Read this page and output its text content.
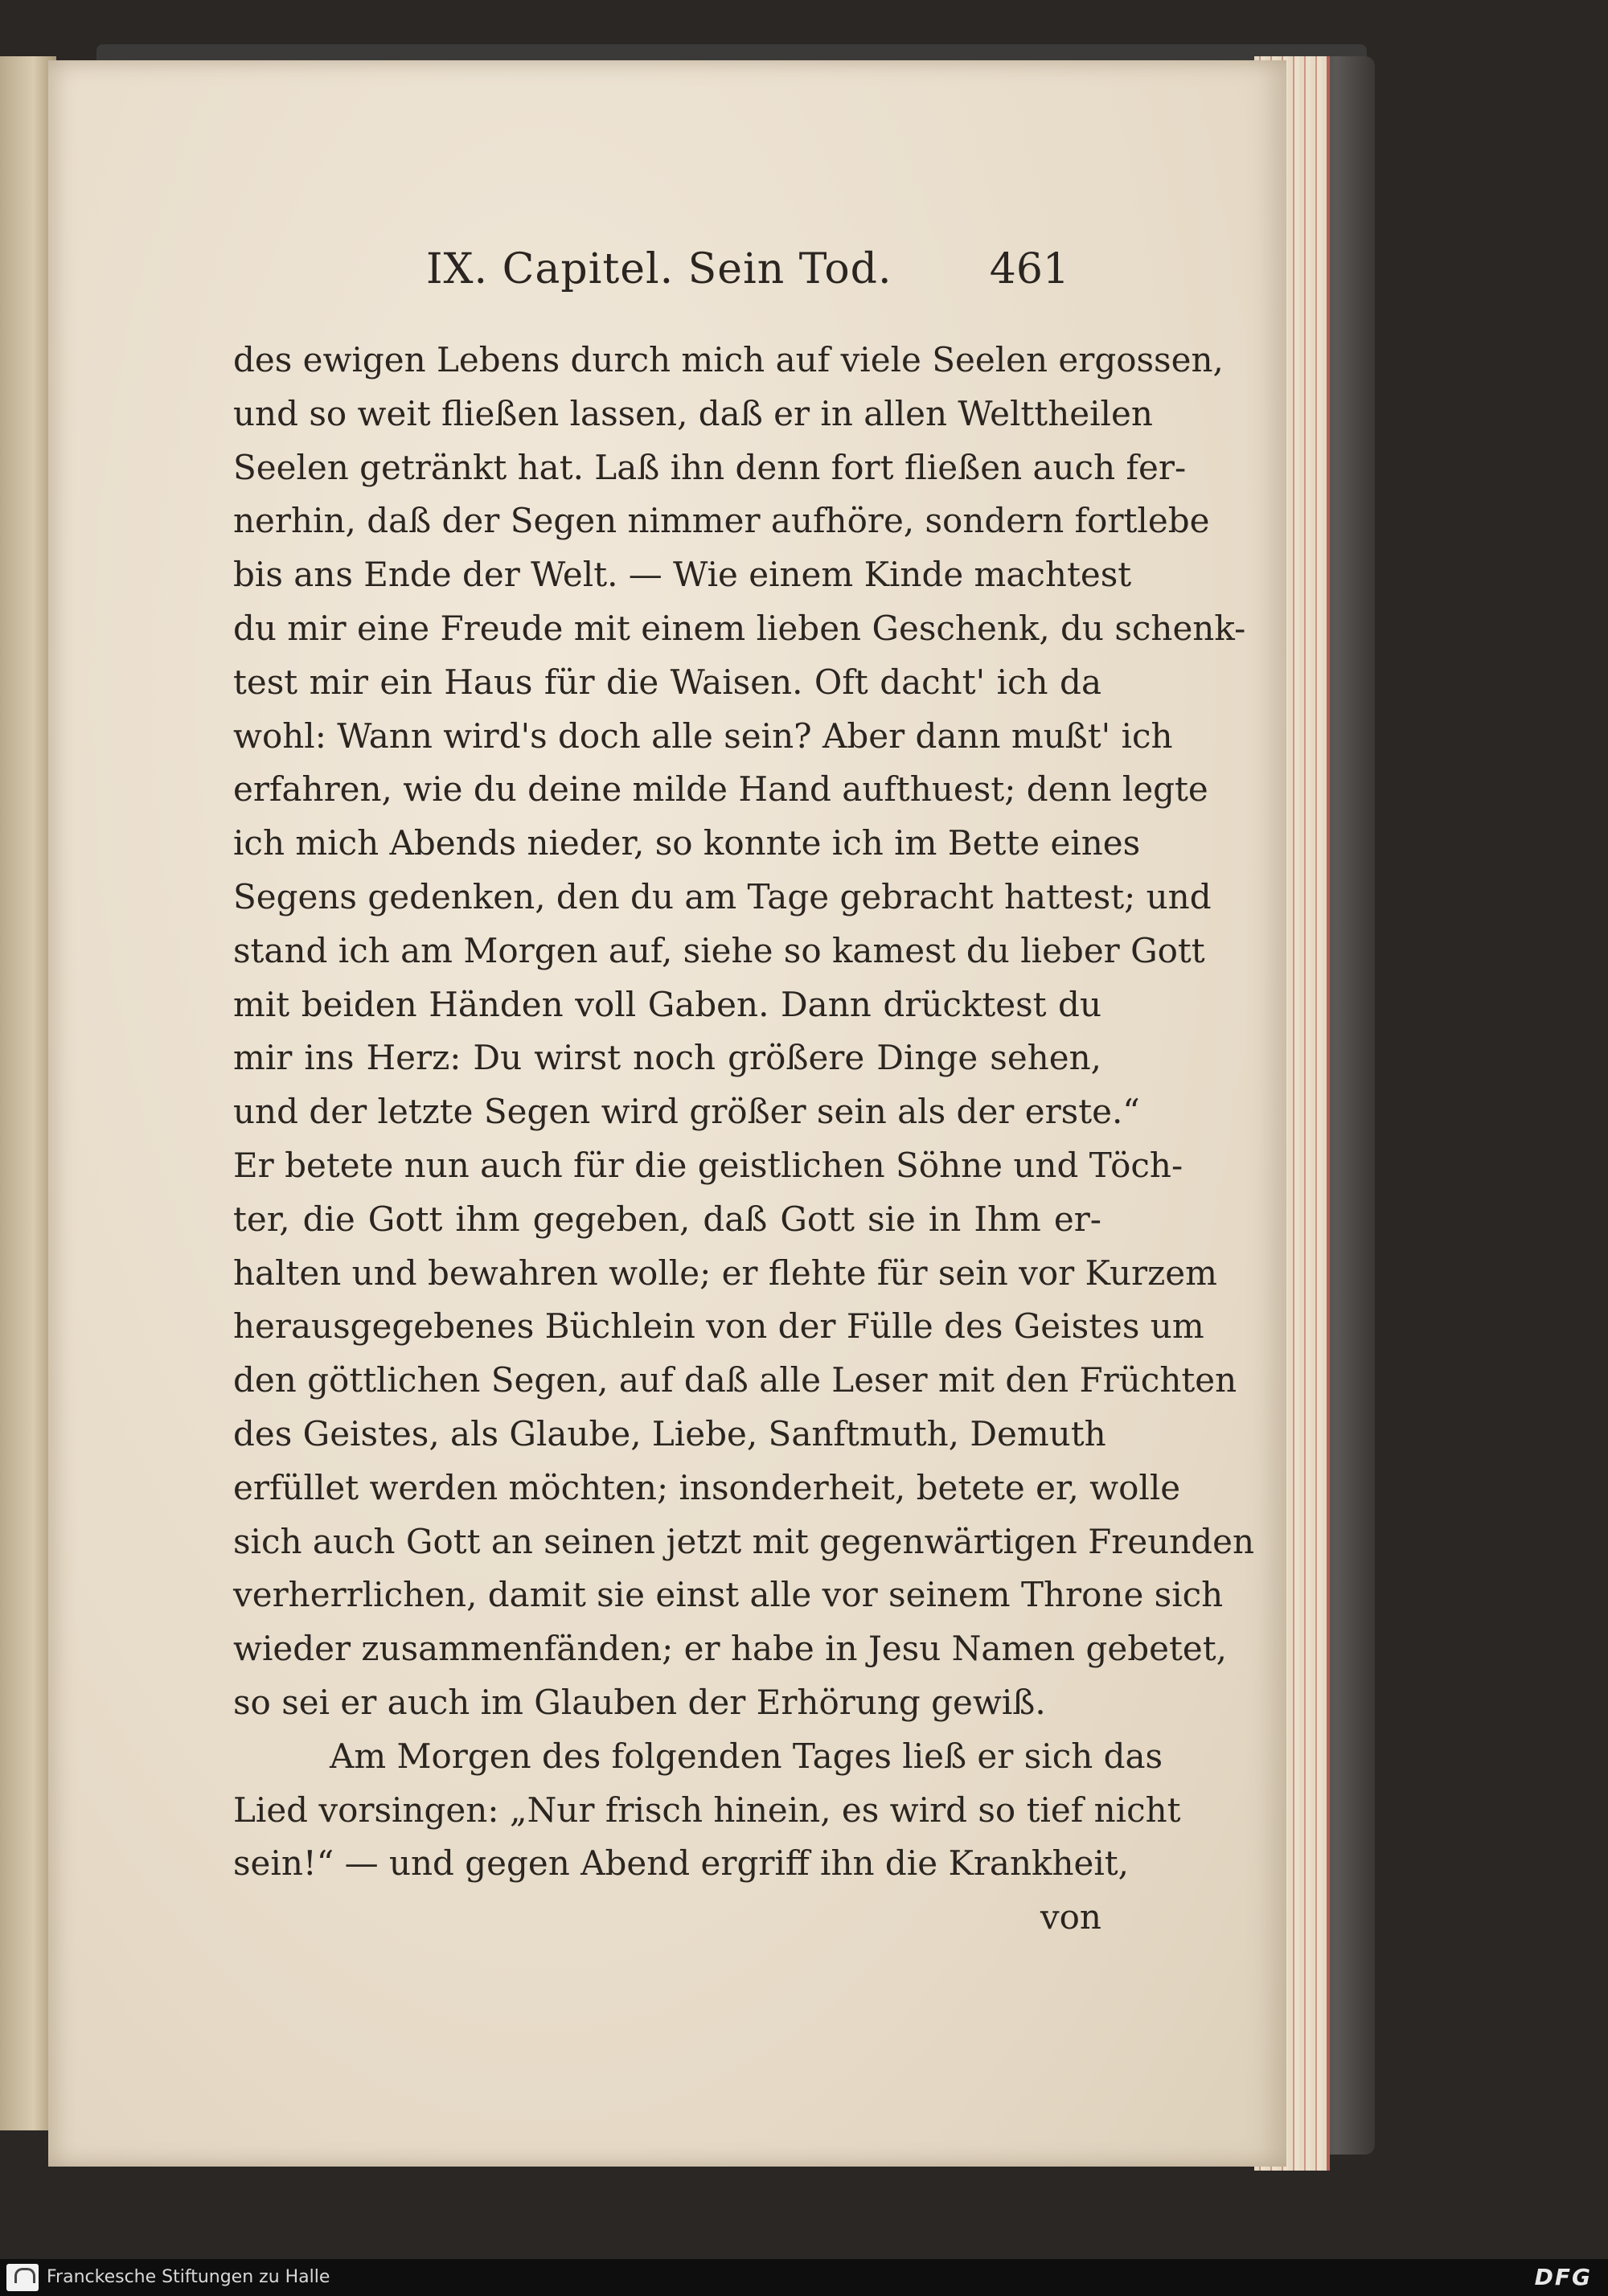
IX. Capitel. Sein Tod. 461
des ewigen Lebens durch mich auf viele Seelen ergossen,
und so weit fließen lassen, daß er in allen Welttheilen
Seelen getränkt hat. Laß ihn denn fort fließen auch fer-
nerhin, daß der Segen nimmer aufhöre, sondern fortlebe
bis ans Ende der Welt. — Wie einem Kinde machtest
du mir eine Freude mit einem lieben Geschenk, du schenk-
test mir ein Haus für die Waisen. Oft dacht' ich da
wohl: Wann wird's doch alle sein? Aber dann mußt' ich
erfahren, wie du deine milde Hand aufthuest; denn legte
ich mich Abends nieder, so konnte ich im Bette eines
Segens gedenken, den du am Tage gebracht hattest; und
stand ich am Morgen auf, siehe so kamest du lieber Gott
mit beiden Händen voll Gaben. Dann drücktest du
mir ins Herz: Du wirst noch größere Dinge sehen,
und der letzte Segen wird größer sein als der erste.“
Er betete nun auch für die geistlichen Söhne und Töch-
ter, die Gott ihm gegeben, daß Gott sie in Ihm er-
halten und bewahren wolle; er flehte für sein vor Kurzem
herausgegebenes Büchlein von der Fülle des Geistes um
den göttlichen Segen, auf daß alle Leser mit den Früchten
des Geistes, als Glaube, Liebe, Sanftmuth, Demuth
erfüllet werden möchten; insonderheit, betete er, wolle
sich auch Gott an seinen jetzt mit gegenwärtigen Freunden
verherrlichen, damit sie einst alle vor seinem Throne sich
wieder zusammenfänden; er habe in Jesu Namen gebetet,
so sei er auch im Glauben der Erhörung gewiß.
Am Morgen des folgenden Tages ließ er sich das
Lied vorsingen: „Nur frisch hinein, es wird so tief nicht
sein!“ — und gegen Abend ergriff ihn die Krankheit,
von
Franckesche Stiftungen zu Halle	DFG
